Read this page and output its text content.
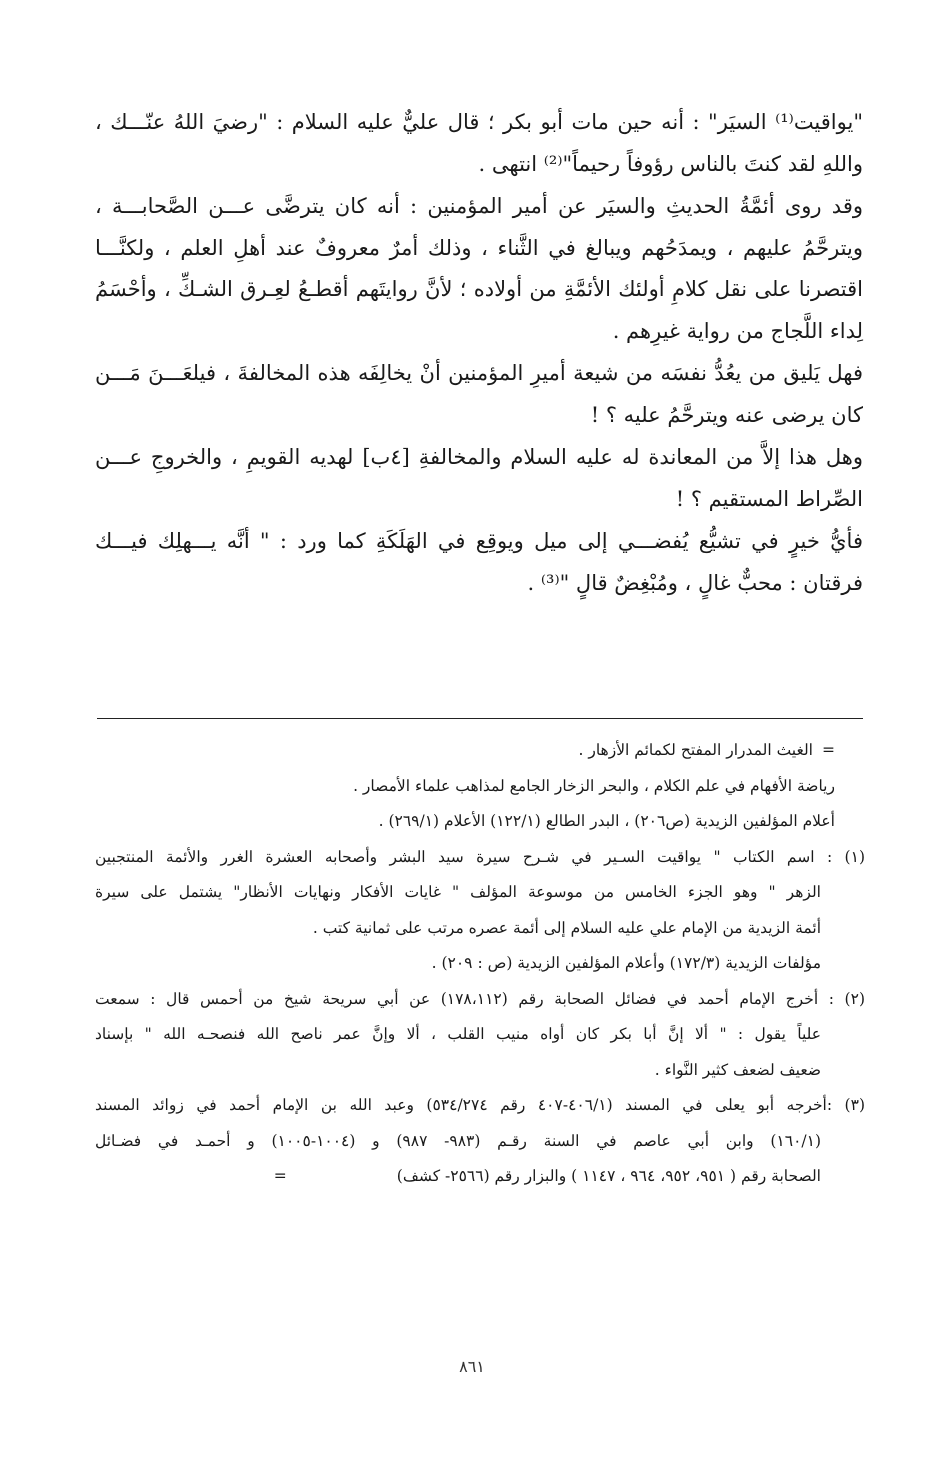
"يواقيت⁽¹⁾ السيَر" : أنه حين مات أبو بكر ؛ قال عليٌّ عليه السلام : "رضيَ اللهُ عنّـــك ، واللهِ لقد كنتَ بالناس رؤوفاً رحيماً"⁽²⁾ انتهى .

وقد روى أئمَّةُ الحديثِ والسيَر عن أمير المؤمنين : أنه كان يترضَّى عـــن الصَّحابـــة ، ويترحَّمُ عليهم ، ويمدَحُهم ويبالغ في الثَّناء ، وذلك أمرٌ معروفٌ عند أهلِ العلم ، ولكنَّـــا اقتصرنا على نقل كلامِ أولئك الأئمَّةِ من أولاده ؛ لأنَّ روايتَهم أقطـعُ لعِـرق الشـكِّ ، وأحْسَمُ لِداء اللَّجاج من رواية غيرِهم .

فهل يَليق من يعُدُّ نفسَه من شيعة أميرِ المؤمنين أنْ يخالِفَه هذه المخالفةَ ، فيلعَـــنَ مَـــن كان يرضى عنه ويترحَّمُ عليه ؟ !

وهل هذا إلاَّ من المعاندة له عليه السلام والمخالفةِ [٤ب] لهديه القويمِ ، والخروجِ عـــن الصِّراط المستقيم ؟ !

فأيُّ خيرٍ في تشيُّع يُفضـــي إلى ميل ويوقِع في الهَلَكَةِ كما ورد : " أنَّه يـــهلِك فيـــك فرقتان : محبٌّ غالٍ ، ومُبْغِضٌ قالٍ "⁽³⁾ .

=الغيث المدرار المفتح لكمائم الأزهار .
رياضة الأفهام في علم الكلام ، والبحر الزخار الجامع لمذاهب علماء الأمصار .
أعلام المؤلفين الزيدية (ص٢٠٦) ، البدر الطالع (١٢٢/١) الأعلام (٢٦٩/١) .
(١) : اسم الكتاب " يواقيت السـير في شـرح سيرة سيد البشر وأصحابه العشرة الغرر والأئمة المنتجبين
الزهر " وهو الجزء الخامس من موسوعة المؤلف " غايات الأفكار ونهايات الأنظار" يشتمل على سيرة
أئمة الزيدية من الإمام علي عليه السلام إلى أئمة عصره مرتب على ثمانية كتب .
مؤلفات الزيدية (١٧٢/٣) وأعلام المؤلفين الزيدية (ص : ٢٠٩) .
(٢) : أخرج الإمام أحمد في فضائل الصحابة رقم (١٧٨،١١٢) عن أبي سريحة شيخ من أحمس قال : سمعت
علياً يقول : " ألا إنَّ أبا بكر كان أواه منيب القلب ، ألا وإنَّ عمر ناصح الله فنصحـه الله " بإسناد
ضعيف لضعف كثير النَّواء .
(٣) :أخرجه أبو يعلى في المسند (٤٠٦/١-٤٠٧ رقم ٥٣٤/٢٧٤) وعبد الله بن الإمام أحمد في زوائد المسند
(١٦٠/١) وابن أبي عاصم في السنة رقـم (٩٨٣- ٩٨٧) و (١٠٠٤-١٠٠٥) و أحمـد في فضـائل
الصحابة رقم ( ٩٥١، ٩٥٢، ٩٦٤ ، ١١٤٧ ) والبزار رقم (٢٥٦٦- كشف)=
٨٦١
